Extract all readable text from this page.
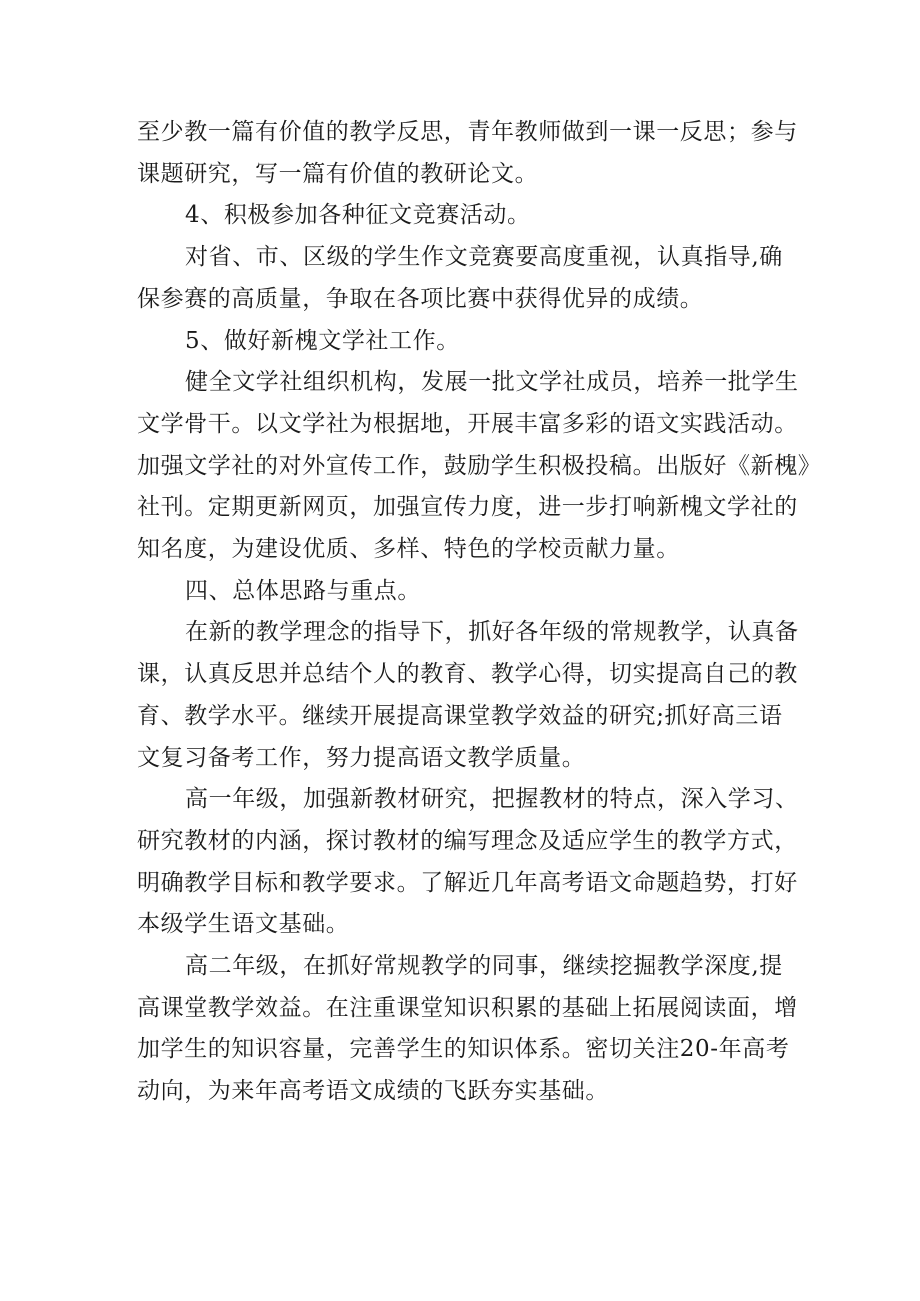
至少教一篇有价值的教学反思，青年教师做到一课一反思；参与
课题研究，写一篇有价值的教研论文。

4、积极参加各种征文竞赛活动。

对省、市、区级的学生作文竞赛要高度重视，认真指导,确
保参赛的高质量，争取在各项比赛中获得优异的成绩。

5、做好新槐文学社工作。

健全文学社组织机构，发展一批文学社成员，培养一批学生
文学骨干。以文学社为根据地，开展丰富多彩的语文实践活动。
加强文学社的对外宣传工作，鼓励学生积极投稿。出版好《新槐》
社刊。定期更新网页，加强宣传力度，进一步打响新槐文学社的
知名度，为建设优质、多样、特色的学校贡献力量。

四、总体思路与重点。

在新的教学理念的指导下，抓好各年级的常规教学，认真备
课，认真反思并总结个人的教育、教学心得，切实提高自己的教
育、教学水平。继续开展提高课堂教学效益的研究;抓好高三语
文复习备考工作，努力提高语文教学质量。

高一年级，加强新教材研究，把握教材的特点，深入学习、
研究教材的内涵，探讨教材的编写理念及适应学生的教学方式，
明确教学目标和教学要求。了解近几年高考语文命题趋势，打好
本级学生语文基础。

高二年级，在抓好常规教学的同事，继续挖掘教学深度,提
高课堂教学效益。在注重课堂知识积累的基础上拓展阅读面，增
加学生的知识容量，完善学生的知识体系。密切关注20-年高考
动向，为来年高考语文成绩的飞跃夯实基础。
